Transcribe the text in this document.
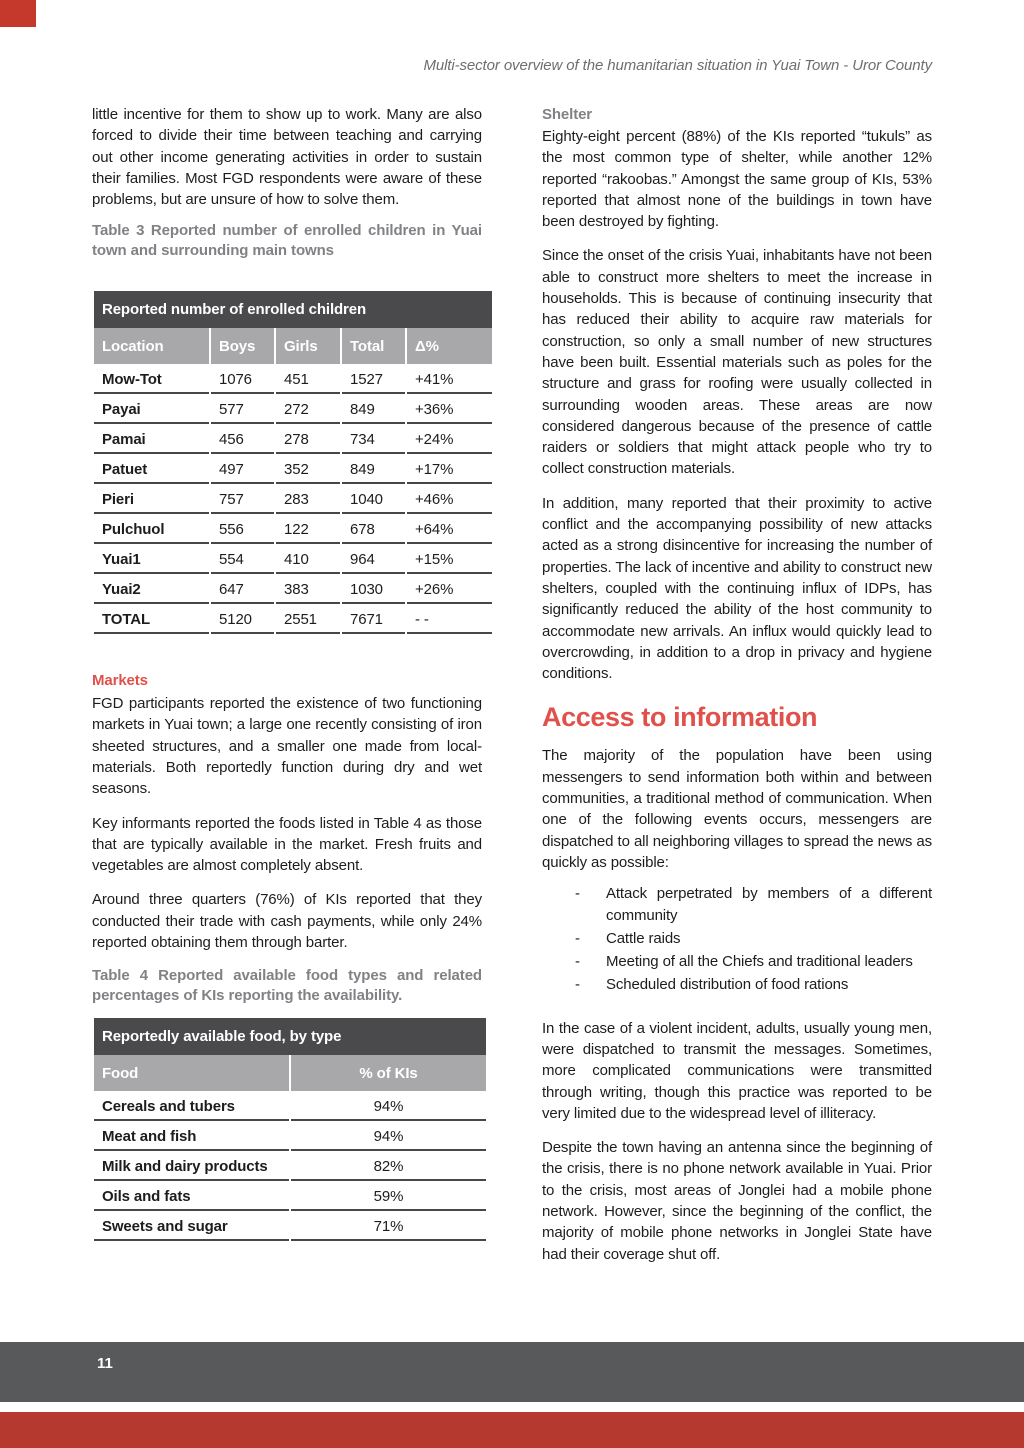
Multi-sector overview of the humanitarian situation in Yuai Town - Uror County

little incentive for them to show up to work. Many are also forced to divide their time between teaching and carrying out other income generating activities in order to sustain their families. Most FGD respondents were aware of these problems, but are unsure of how to solve them.

Table 3 Reported number of enrolled children in Yuai town and surrounding main towns
Reported number of enrolled children				
Location	Boys	Girls	Total	Δ%
Mow-Tot	1076	451	1527	+41%
Payai	577	272	849	+36%
Pamai	456	278	734	+24%
Patuet	497	352	849	+17%
Pieri	757	283	1040	+46%
Pulchuol	556	122	678	+64%
Yuai1	554	410	964	+15%
Yuai2	647	383	1030	+26%
TOTAL	5120	2551	7671	- -
Markets

FGD participants reported the existence of two functioning markets in Yuai town; a large one recently consisting of iron sheeted structures, and a smaller one made from local-materials. Both reportedly function during dry and wet seasons.

Key informants reported the foods listed in Table 4 as those that are typically available in the market. Fresh fruits and vegetables are almost completely absent.

Around three quarters (76%) of KIs reported that they conducted their trade with cash payments, while only 24% reported obtaining them through barter.

Table 4 Reported available food types and related percentages of KIs reporting the availability.
Reportedly available food, by type	
Food	% of KIs
Cereals and tubers	94%
Meat and fish	94%
Milk and dairy products	82%
Oils and fats	59%
Sweets and sugar	71%
Shelter

Eighty-eight percent (88%) of the KIs reported “tukuls” as the most common type of shelter, while another 12% reported “rakoobas.” Amongst the same group of KIs, 53% reported that almost none of the buildings in town have been destroyed by fighting.

Since the onset of the crisis Yuai, inhabitants have not been able to construct more shelters to meet the increase in households. This is because of continuing insecurity that has reduced their ability to acquire raw materials for construction, so only a small number of new structures have been built. Essential materials such as poles for the structure and grass for roofing were usually collected in surrounding wooden areas. These areas are now considered dangerous because of the presence of cattle raiders or soldiers that might attack people who try to collect construction materials.

In addition, many reported that their proximity to active conflict and the accompanying possibility of new attacks acted as a strong disincentive for increasing the number of properties. The lack of incentive and ability to construct new shelters, coupled with the continuing influx of IDPs, has significantly reduced the ability of the host community to accommodate new arrivals. An influx would quickly lead to overcrowding, in addition to a drop in privacy and hygiene conditions.

Access to information

The majority of the population have been using messengers to send information both within and between communities, a traditional method of communication. When one of the following events occurs, messengers are dispatched to all neighboring villages to spread the news as quickly as possible:

- Attack perpetrated by members of a different community
- Cattle raids
- Meeting of all the Chiefs and traditional leaders
- Scheduled distribution of food rations

In the case of a violent incident, adults, usually young men, were dispatched to transmit the messages. Sometimes, more complicated communications were transmitted through writing, though this practice was reported to be very limited due to the widespread level of illiteracy.

Despite the town having an antenna since the beginning of the crisis, there is no phone network available in Yuai. Prior to the crisis, most areas of Jonglei had a mobile phone network. However, since the beginning of the conflict, the majority of mobile phone networks in Jonglei State have had their coverage shut off.

11
